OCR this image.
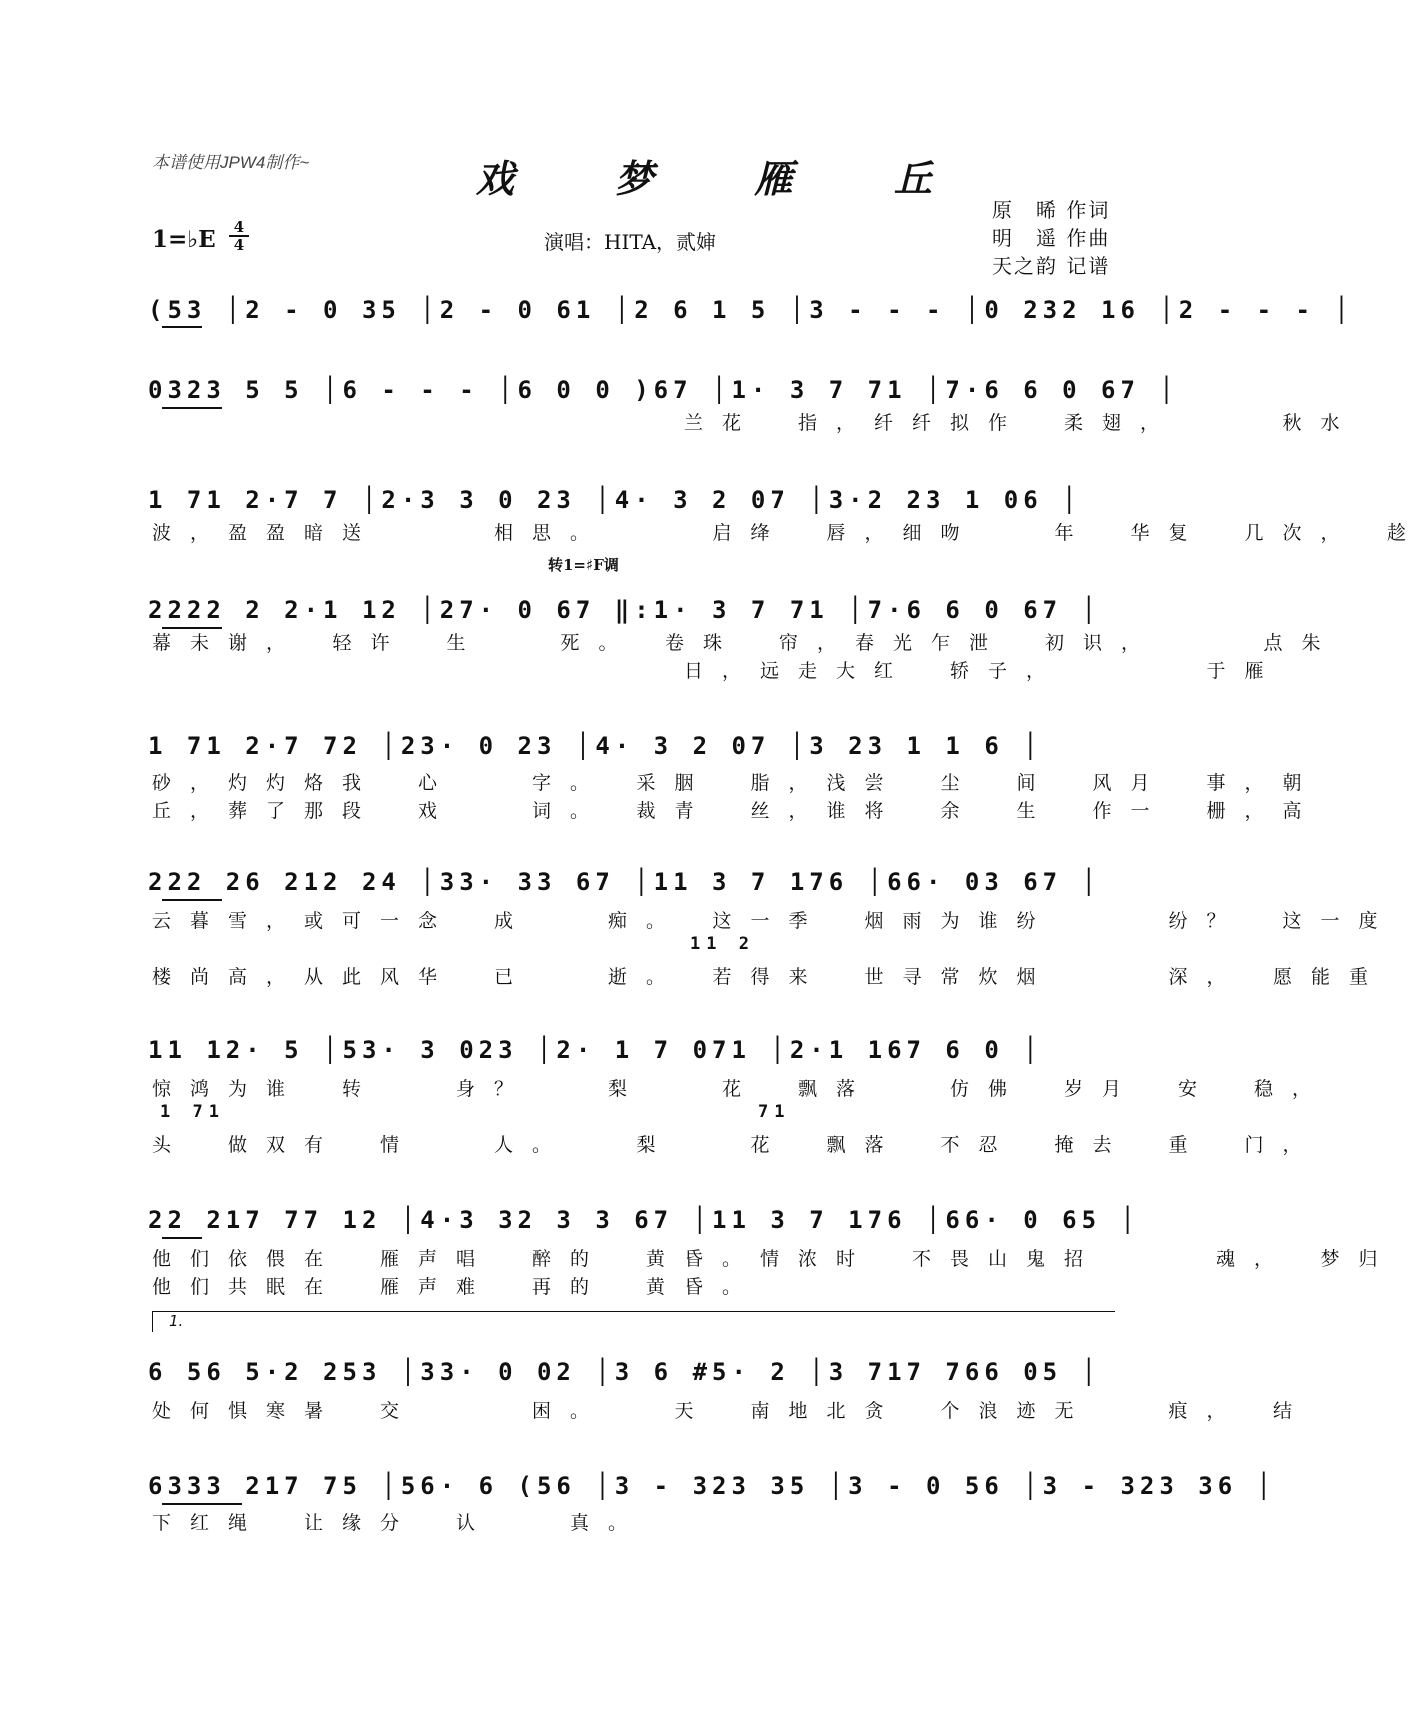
本谱使用JPW4制作~	戏 梦 雁 丘
原　晞 作词
明　遥 作曲
天之韵 记谱
1=♭E	4
4	演唱：HITA，贰婶
(53 │2 - 0 35 │2 - 0 61 │2 6 1 5 │3 - - - │0 232 16 │2 - - - │
0323 5 5 │6 - - - │6 0 0 )67 │1· 3 7 71 │7·6 6 0 67 │
1 71 2·7 7 │2·3 3 0 23 │4· 3 2 07 │3·2 23 1 06 │
2222 2 2·1 12 │27· 0 67 ‖:1· 3 7 71 │7·6 6 0 67 │
1 71 2·7 72 │23· 0 23 │4· 3 2 07 │3 23 1 1 6 │
222 26 212 24 │33· 33 67 │11 3 7 176 │66· 03 67 │
11 12· 5 │53· 3 023 │2· 1 7 071 │2·1 167 6 0 │
22 217 77 12 │4·3 32 3 3 67 │11 3 7 176 │66· 0 65 │
6 56 5·2 253 │33· 0 02 │3 6 #5· 2 │3 717 766 05 │
6333 217 75 │56· 6 (56 │3 - 323 35 │3 - 0 56 │3 - 323 36 │
转1=♯F调
1.
　　　　　　　　　　　　　　兰花　指，纤纤拟作　柔翅，　　　秋水
波，盈盈暗送　　　相思。　　　启绛　唇，细吻　　年　华复　几次，　趁
幕未谢，　轻许　生　　死。　卷珠　帘，春光乍泄　初识，　　　点朱
　　　　　　　　　　　　　　日，远走大红　轿子，　　　　于雁
砂，灼灼烙我　心　　字。　采胭　脂，浅尝　尘　间　风月　事，朝
丘，葬了那段　戏　　词。　裁青　丝，谁将　余　生　作一　栅，高
云暮雪，或可一念　成　　痴。　这一季　烟雨为谁纷　　　纷？　这一度
楼尚高，从此风华　已　　逝。　若得来　世寻常炊烟　　　深，　愿能重
惊鸿为谁　转　　身？　　梨　　花　飘落　　仿佛　岁月　安　稳，
头　做双有　情　　人。　　梨　　花　飘落　不忍　掩去　重　门，
他们依偎在　雁声唱　醉的　黄昏。情浓时　不畏山鬼招　　　魂，　梦归
他们共眠在　雁声难　再的　黄昏。
处何惧寒暑　交　　　困。　　天　南地北贪　个浪迹无　　痕，　结
下红绳　让缘分　认　　真。
11 2
1 71	71
